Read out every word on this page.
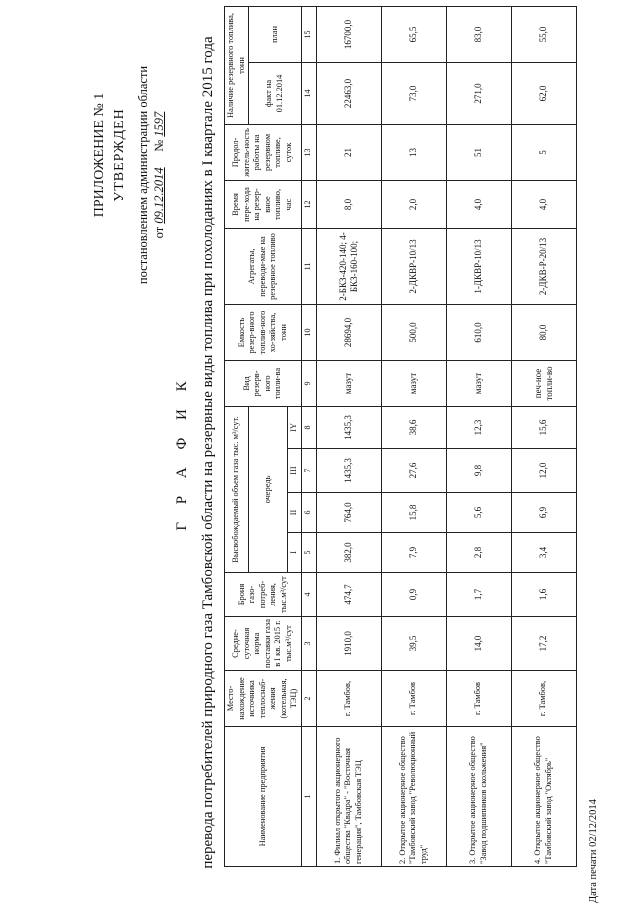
ПРИЛОЖЕНИЕ № 1 УТВЕРЖДЕН постановлением администрации области от 09.12.2014     № 1597
Г Р А Ф И К перевода потребителей природного газа Тамбовской области на резервные виды топлива при похолоданиях в I квартале 2015 года	Наименование предприятия	Место-нахождение источника теплоснаб-жения (котельная, ТЭЦ)	Средне-суточная норма поставки газа в I кв. 2015 г. тыс.м³/сут	Броня газо-потреб-ления, тыс.м³/сут	Высвобождаемый объем газа тыс. м³/сут.				Вид резерв-ного топли-ва	Емкость резер-вного топлив-ного хо-зяйства, тонн	Агрегаты, переводи-мые на резервное топливо	Время пере-хода на резер-вное топливо, час	Продол-житель-ность работы на резервном топливе, суток	Наличие резервного топлива, тонн	
				очередь									факт на 01.12.2014	план
				I	II	III	IY							
1	2	3	4	5	6	7	8	9	10	11	12	13	14	15
1. Филиал открытого акционерного общества "Квадра" - "Восточная генерация", Тамбовская ТЭЦ	г. Тамбов,	1910,0	474,7	382,0	764,0	1435,3	1435,3	мазут	28694,0	2-БКЗ-420-140; 4-БКЗ-160-100;	8,0	21	22463,0	16700,0
2. Открытое акционерное общество "Тамбовский завод "Революционный труд"	г. Тамбов	39,5	0,9	7,9	15,8	27,6	38,6	мазут	500,0	2-ДКВР-10/13	2,0	13	73,0	65,5
3. Открытое акционерное общество "Завод подшипников скольжения"	г. Тамбов	14,0	1,7	2,8	5,6	9,8	12,3	мазут	610,0	1-ДКВР-10/13	4,0	51	271,0	83,0
4. Открытое акционерное общество "Тамбовский завод "Октябрь"	г. Тамбов,	17,2	1,6	3,4	6,9	12,0	15,6	печ-ное топли-во	80,0	2-ДКВ-Р-20/13	4,0	5	62,0	55,0
Дата печати 02/12/2014
